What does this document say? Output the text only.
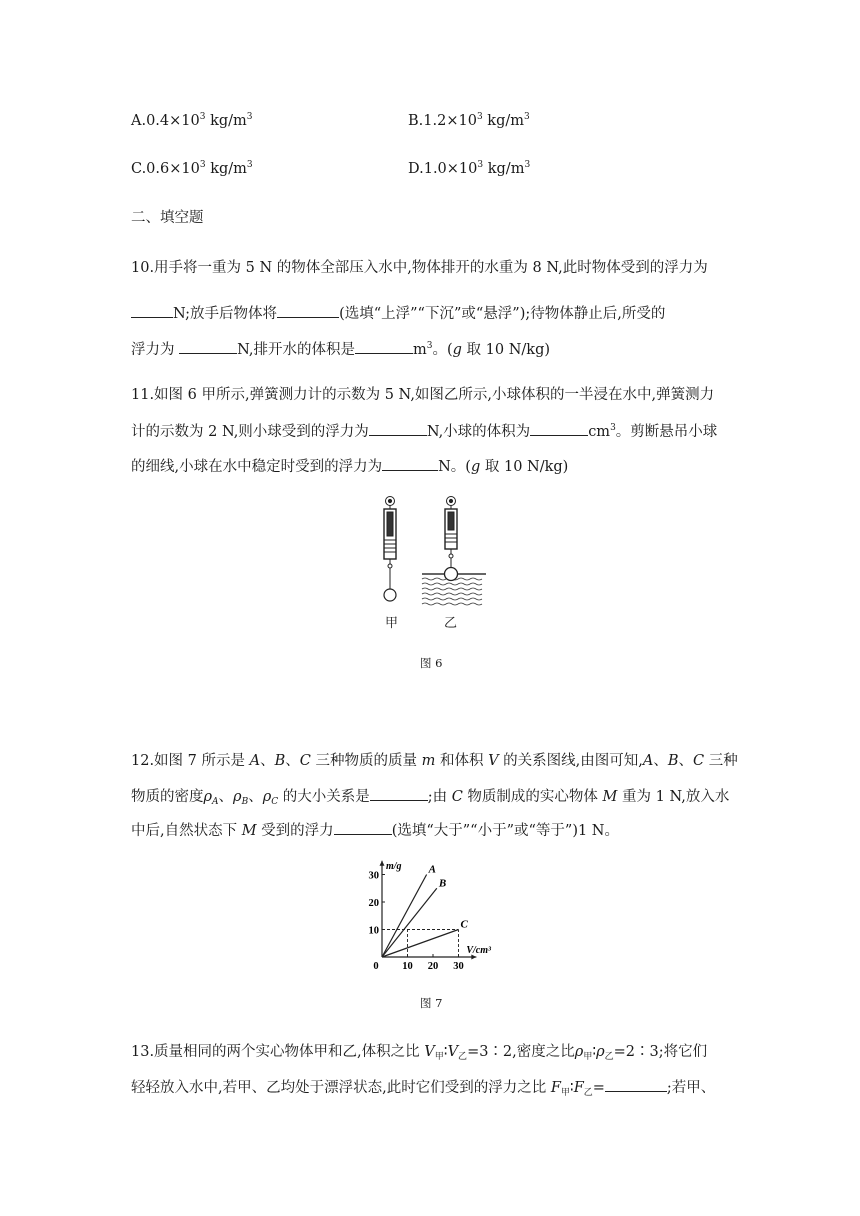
$A.0.4\times 10^3$ $kg/m^3$	$B.1.2\times 10^3$ $kg/m^3$
$C.0.6\times 10^3$ $kg/m^3$	$D.1.0\times 10^3$ $kg/m^3$
二、填空题
10.用手将一重为 5 N 的物体全部压入水中,物体排开的水重为 8 N,此时物体受到的浮力为
N;放手后物体将	(选填“上浮”“下沉”或“悬浮”);待物体静止后,所受的
浮力为	N,排开水的体积是	$m^3$。(g 取 10 N/kg)
11.如图 6 甲所示,弹簧测力计的示数为 5 N,如图乙所示,小球体积的一半浸在水中,弹簧测力
计的示数为 2 N,则小球受到的浮力为	N,小球的体积为	$cm^3$。剪断悬吊小球
的细线,小球在水中稳定时受到的浮力为	N。(g 取 10 N/kg)
甲	乙
图 6
12.如图 7 所示是 A、B、C 三种物质的质量 m 和体积 V 的关系图线,由图可知,A、B、C 三种
物质的密度$\rho_A$、$\rho_B$、$\rho_C$ 的大小关系是	;由 C 物质制成的实心物体 M 重为 1 N,放入水
中后,自然状态下 M 受到的浮力	(选填“大于”“小于”或“等于”)1 N。
0 10 20 30
10
20
30
V/cm³
m/g A
B
C
图 7
13.质量相同的两个实心物体甲和乙,体积之比 $V_甲∶V_乙=3∶2$,密度之比$\rho_甲∶\rho_乙=2∶3$;将它们
轻轻放入水中,若甲、乙均处于漂浮状态,此时它们受到的浮力之比 $F_甲∶F_乙=$	;若甲、
